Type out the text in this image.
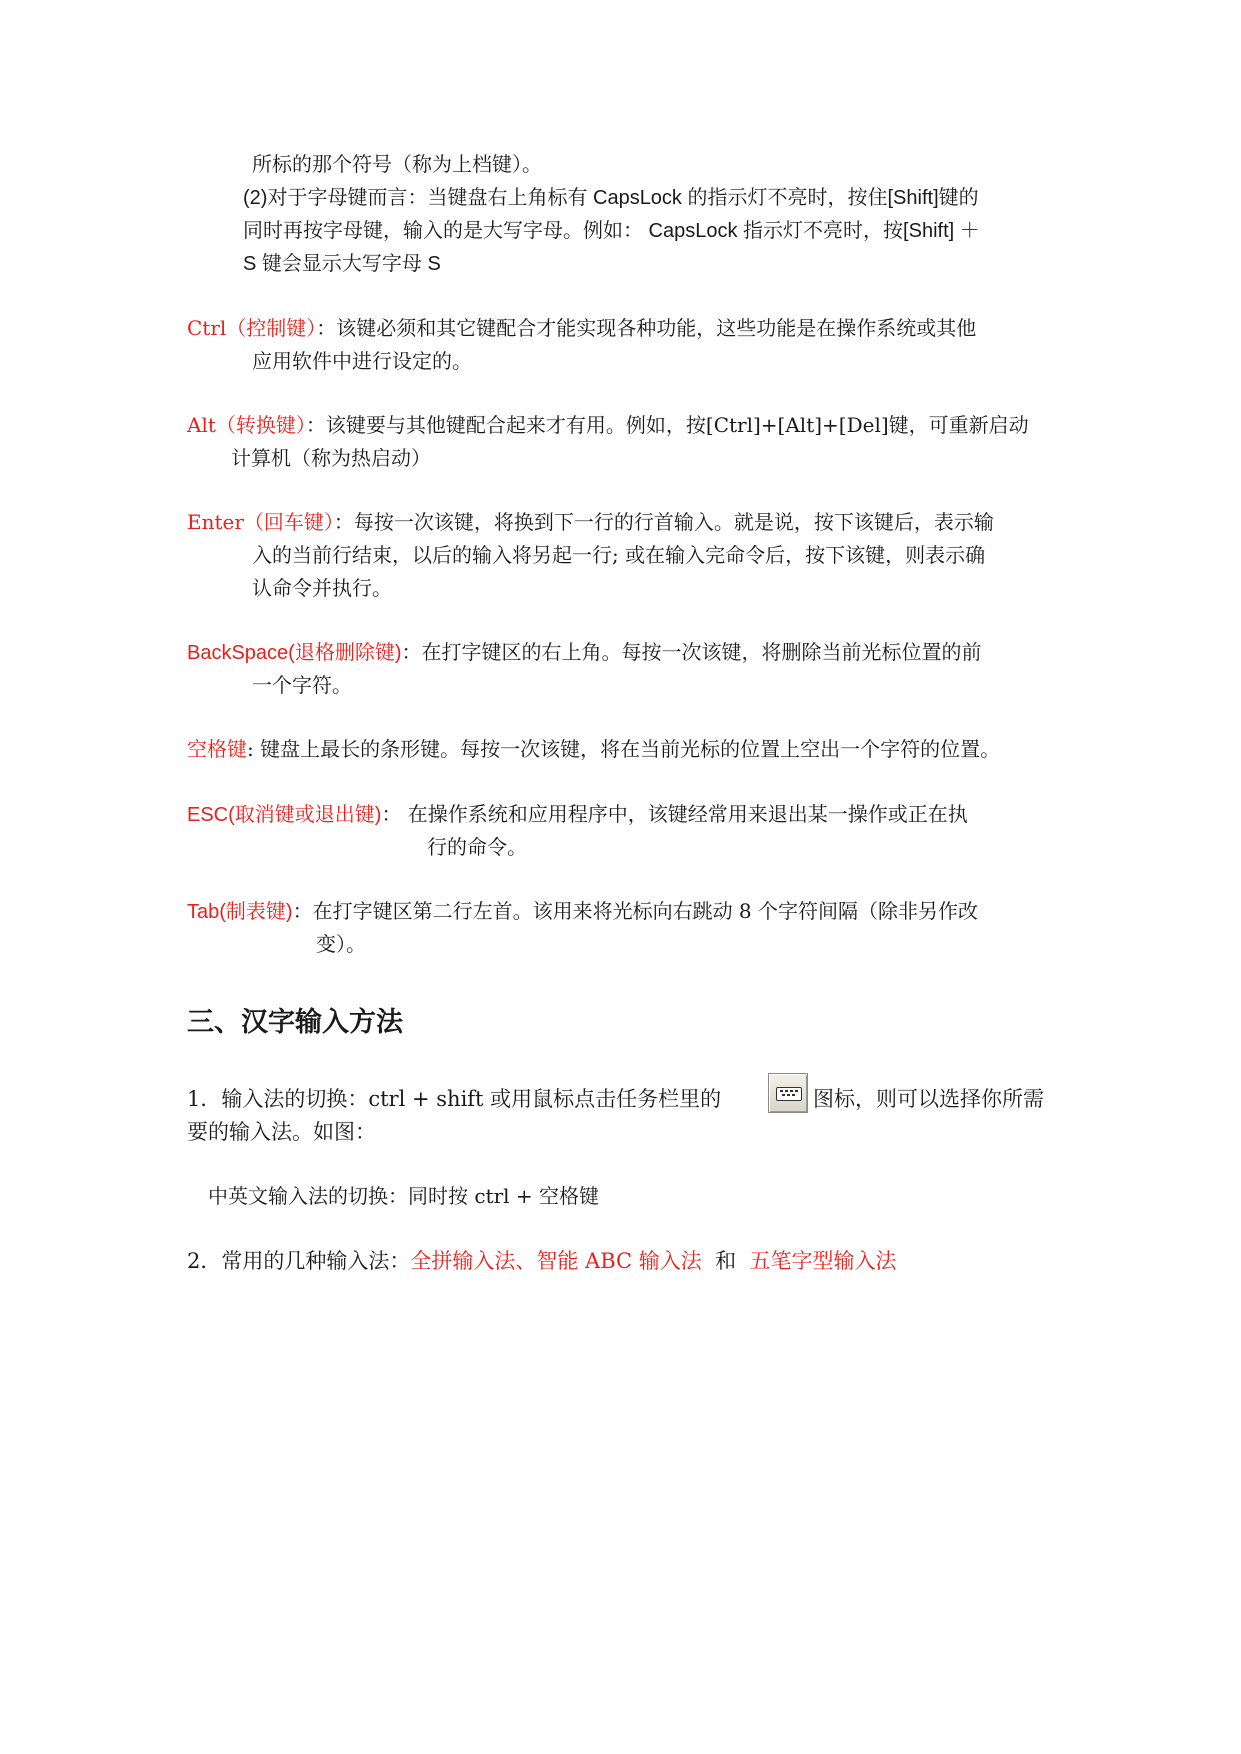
所标的那个符号（称为上档键）。
(2)对于字母键而言：当键盘右上角标有 CapsLock 的指示灯不亮时，按住[Shift]键的
同时再按字母键，输入的是大写字母。例如： CapsLock 指示灯不亮时，按[Shift] ＋
S 键会显示大写字母 S
Ctrl（控制键）：该键必须和其它键配合才能实现各种功能，这些功能是在操作系统或其他
应用软件中进行设定的。
Alt（转换键）：该键要与其他键配合起来才有用。例如，按[Ctrl]+[Alt]+[Del]键，可重新启动
计算机（称为热启动）
Enter（回车键）：每按一次该键，将换到下一行的行首输入。就是说，按下该键后，表示输
入的当前行结束，以后的输入将另起一行; 或在输入完命令后，按下该键，则表示确
认命令并执行。
BackSpace(退格删除键)：在打字键区的右上角。每按一次该键，将删除当前光标位置的前
一个字符。
空格键: 键盘上最长的条形键。每按一次该键，将在当前光标的位置上空出一个字符的位置。
ESC(取消键或退出键)： 在操作系统和应用程序中，该键经常用来退出某一操作或正在执
行的命令。
Tab(制表键)：在打字键区第二行左首。该用来将光标向右跳动 8 个字符间隔（除非另作改
变）。
三、汉字输入方法
1．输入法的切换：ctrl + shift 或用鼠标点击任务栏里的	图标，则可以选择你所需
要的输入法。如图：
中英文输入法的切换：同时按 ctrl + 空格键
2．常用的几种输入法：全拼输入法、智能 ABC 输入法  和  五笔字型输入法
